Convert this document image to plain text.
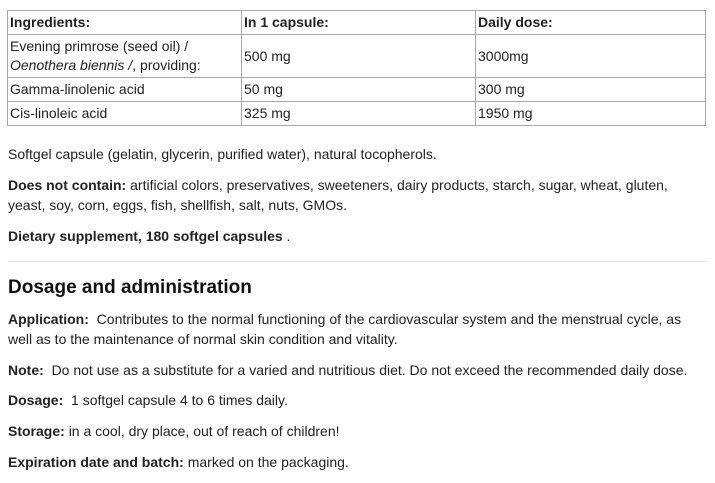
Ingredients:	In 1 capsule:	Daily dose:
Evening primrose (seed oil) /
Oenothera biennis /, providing:	500 mg	3000mg
Gamma-linolenic acid	50 mg	300 mg
Cis-linoleic acid	325 mg	1950 mg
Softgel capsule (gelatin, glycerin, purified water), natural tocopherols.
Does not contain: artificial colors, preservatives, sweeteners, dairy products, starch, sugar, wheat, gluten, yeast, soy, corn, eggs, fish, shellfish, salt, nuts, GMOs.
Dietary supplement, 180 softgel capsules .
Dosage and administration
Application: Contributes to the normal functioning of the cardiovascular system and the menstrual cycle, as well as to the maintenance of normal skin condition and vitality.
Note: Do not use as a substitute for a varied and nutritious diet. Do not exceed the recommended daily dose.
Dosage: 1 softgel capsule 4 to 6 times daily.
Storage: in a cool, dry place, out of reach of children!
Expiration date and batch: marked on the packaging.
